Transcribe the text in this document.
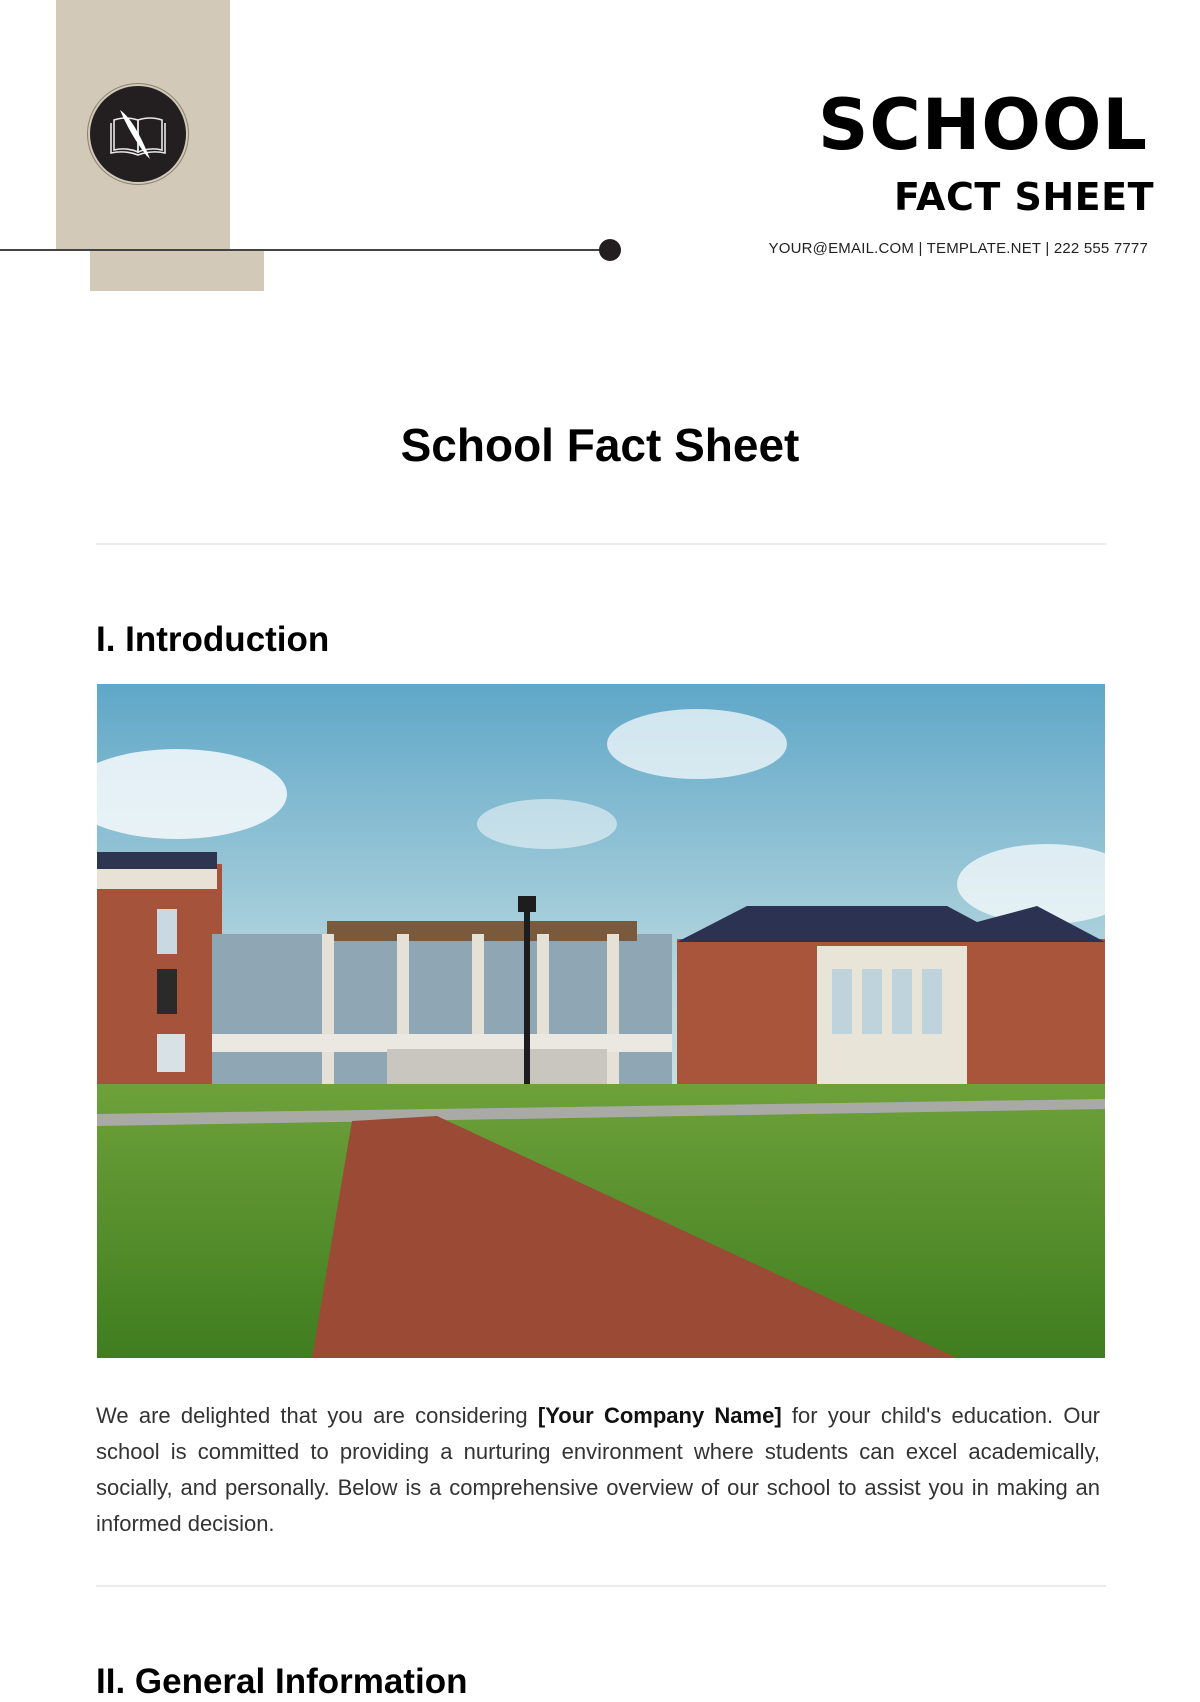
SCHOOL
FACT SHEET
YOUR@EMAIL.COM | TEMPLATE.NET | 222 555 7777
School Fact Sheet
I. Introduction
We are delighted that you are considering [Your Company Name] for your child's education. Our school is committed to providing a nurturing environment where students can excel academically, socially, and personally. Below is a comprehensive overview of our school to assist you in making an informed decision.
II. General Information
